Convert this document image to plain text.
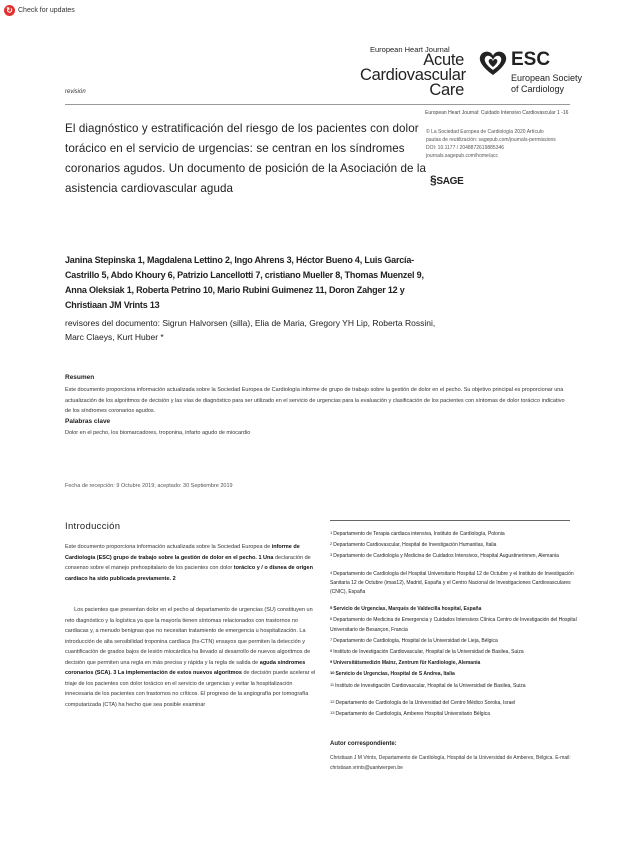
↻ Check for updates
European Heart Journal
Acute
Cardiovascular
Care
ESC
European Society
of Cardiology
revisión
European Heart Journal: Cuidado Intensivo Cardiovascular 1 -16
El diagnóstico y estratificación del riesgo de los pacientes con dolor torácico en el servicio de urgencias: se centran en los síndromes coronarios agudos. Un documento de posición de la Asociación de la asistencia cardiovascular aguda
© La Sociedad Europea de Cardiología 2020 Artículo
pautas de reutilización: sagepub.com/journals-permissions
DOI: 10.1177 / 2048872619885346
journals.sagepub.com/home/acc
§SAGE
Janina Stepinska 1, Magdalena Lettino 2, Ingo Ahrens 3, Héctor Bueno 4, Luis García-Castrillo 5, Abdo Khoury 6, Patrizio Lancellotti 7, cristiano Mueller 8, Thomas Muenzel 9, Anna Oleksiak 1, Roberta Petrino 10, Mario Rubini Guimenez 11, Doron Zahger 12 y Christiaan JM Vrints 13
revisores del documento: Sigrun Halvorsen (silla), Elia de Maria, Gregory YH Lip, Roberta Rossini, Marc Claeys, Kurt Huber *
Resumen
Este documento proporciona información actualizada sobre la Sociedad Europea de Cardiología informe de grupo de trabajo sobre la gestión de dolor en el pecho. Su objetivo principal es proporcionar una actualización de los algoritmos de decisión y las vías de diagnóstico para ser utilizado en el servicio de urgencias para la evaluación y clasificación de los pacientes con síntomas de dolor torácico indicativo de los síndromes coronarios agudos.
Palabras clave
Dolor en el pecho, los biomarcadores, troponina, infarto agudo de miocardio
Fecha de recepción: 9 Octubre 2019; aceptado: 30 Septiembre 2019
Introducción
Este documento proporciona información actualizada sobre la Sociedad Europea de informe de Cardiología (ESC) grupo de trabajo sobre la gestión de dolor en el pecho. 1 Una declaración de consenso sobre el manejo prehospitalario de los pacientes con dolor torácico y / o disnea de origen cardíaco ha sido publicada previamente. 2
Los pacientes que presentan dolor en el pecho al departamento de urgencias (SU) constituyen un reto diagnóstico y la logística ya que la mayoría tienen síntomas relacionados con trastornos no cardiacas y, a menudo benignas que no necesitan tratamiento de emergencia u hospitalización. La introducción de alta sensibilidad troponina cardíaca (hs-CTN) ensayos que permiten la detección y cuantificación de grados bajos de lesión miocárdica ha llevado al desarrollo de nuevos algoritmos de decisión que permiten una regla en más precisa y rápida y la regla de salida de aguda síndromes coronarios (SCA). 3 La implementación de estos nuevos algoritmos de decisión puede acelerar el triaje de los pacientes con dolor torácico en el servicio de urgencias y evitar la hospitalización innecesaria de los pacientes con trastornos no críticos. El progreso de la angiografía por tomografía computarizada (CTA) ha hecho que sea posible examinar
$^1$Departamento de Terapia cardiaca intensiva, Instituto de Cardiología, Polonia
$^2$Departamento Cardiovascular, Hospital de Investigación Humanitas, Italia
$^3$Departamento de Cardiología y Medicina de Cuidados Intensivos, Hospital Augustinerinnen, Alemania
$^4$Departamento de Cardiología del Hospital Universitario Hospital 12 de Octubre y el Instituto de Investigación Sanitaria 12 de Octubre (imas12), Madrid, España y el Centro Nacional de Investigaciones Cardiovasculares (CNIC), España
$^5$Servicio de Urgencias, Marqués de Valdecilla hospital, España
$^6$Departamento de Medicina de Emergencia y Cuidados Intensivos Clínica Centro de Investigación del Hospital Universitario de Besançon, Francia
$^7$Departamento de Cardiología, Hospital de la Universidad de Lieja, Bélgica
$^8$Instituto de Investigación Cardiovascular, Hospital de la Universidad de Basilea, Suiza
$^9$Universitätsmedizin Mainz, Zentrum für Kardiologie, Alemania
$^{10}$Servicio de Urgencias, Hospital de S Andrea, Italia
$^{11}$Instituto de Investigación Cardiovascular, Hospital de la Universidad de Basilea, Suiza
$^{12}$Departamento de Cardiología de la Universidad del Centro Médico Soroka, Israel
$^{13}$Departamento de Cardiología, Amberes Hospital Universitario Bélgica
Autor correspondiente:
Christiaan J M Vrints, Departamento de Cardiología, Hospital de la Universidad de Amberes, Bélgica. E-mail: christiaan.vrints@uantwerpen.be
